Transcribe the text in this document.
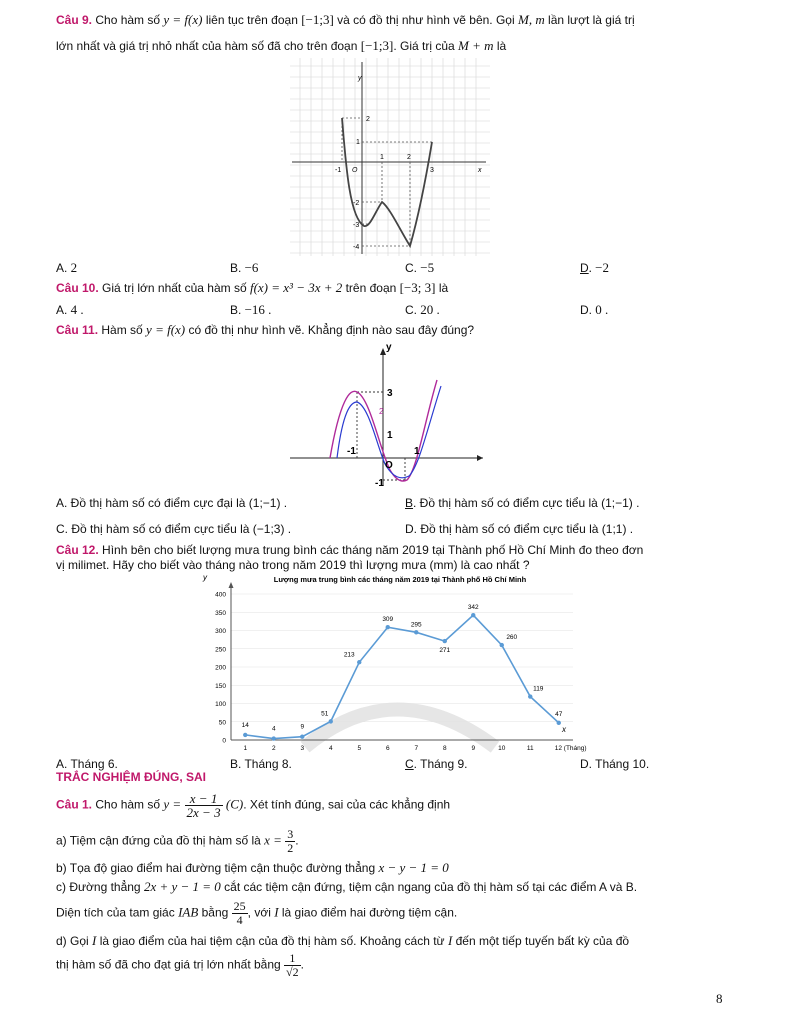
Câu 9. Cho hàm số y = f(x) liên tục trên đoạn [−1;3] và có đồ thị như hình vẽ bên. Gọi M, m lần lượt là giá trị
lớn nhất và giá trị nhỏ nhất của hàm số đã cho trên đoạn [−1;3]. Giá trị của M + m là
y
x
O
-1
1	2
3
2
1
-2
-3
-4
A. 2	B. −6	C. −5	D. −2
Câu 10. Giá trị lớn nhất của hàm số f(x) = x³ − 3x + 2 trên đoạn [−3; 3] là
A. 4 .	B. −16 .	C. 20 .	D. 0 .
Câu 11. Hàm số y = f(x) có đồ thị như hình vẽ. Khẳng định nào sau đây đúng?
y
3
2
1
-1	1
-1
O
A. Đồ thị hàm số có điểm cực đại là (1;−1) .	B. Đồ thị hàm số có điểm cực tiểu là (1;−1) .
C. Đồ thị hàm số có điểm cực tiểu là (−1;3) .	D. Đồ thị hàm số có điểm cực tiểu là (1;1) .
Câu 12. Hình bên cho biết lượng mưa trung bình các tháng năm 2019 tại Thành phố Hồ Chí Minh đo theo đơn
vị milimet. Hãy cho biết vào tháng nào trong năm 2019 thì lượng mưa (mm) là cao nhất ?
Lượng mưa trung bình các tháng năm 2019 tại Thành phố Hồ Chí Minh
y
0
50
100
150
200
250
300
350
400
1	2	3	4	5	6	7	8	9	10	11	12 (Tháng)
14
4	9
51
213
309
295
271
342
260
119
47
x
A. Tháng 6.	B. Tháng 8.	C. Tháng 9.	D. Tháng 10.
TRẮC NGHIỆM ĐÚNG, SAI
Câu 1. Cho hàm số $y = \frac{x - 1}{2x - 3} (C)$. Xét tính đúng, sai của các khẳng định
a) Tiệm cận đứng của đồ thị hàm số là $x = \frac{3}{2}$ .
b) Tọa độ giao điểm hai đường tiệm cận thuộc đường thẳng x − y − 1 = 0
c) Đường thẳng 2x + y − 1 = 0 cắt các tiệm cận đứng, tiệm cận ngang của đồ thị hàm số tại các điểm A và B.
Diện tích của tam giác IAB bằng $\frac{25}{4}$ , với I là giao điểm hai đường tiệm cận.
d) Gọi I là giao điểm của hai tiệm cận của đồ thị hàm số. Khoảng cách từ I đến một tiếp tuyến bất kỳ của đồ
thị hàm số đã cho đạt giá trị lớn nhất bằng $\frac{1}{√2}$ .
8
